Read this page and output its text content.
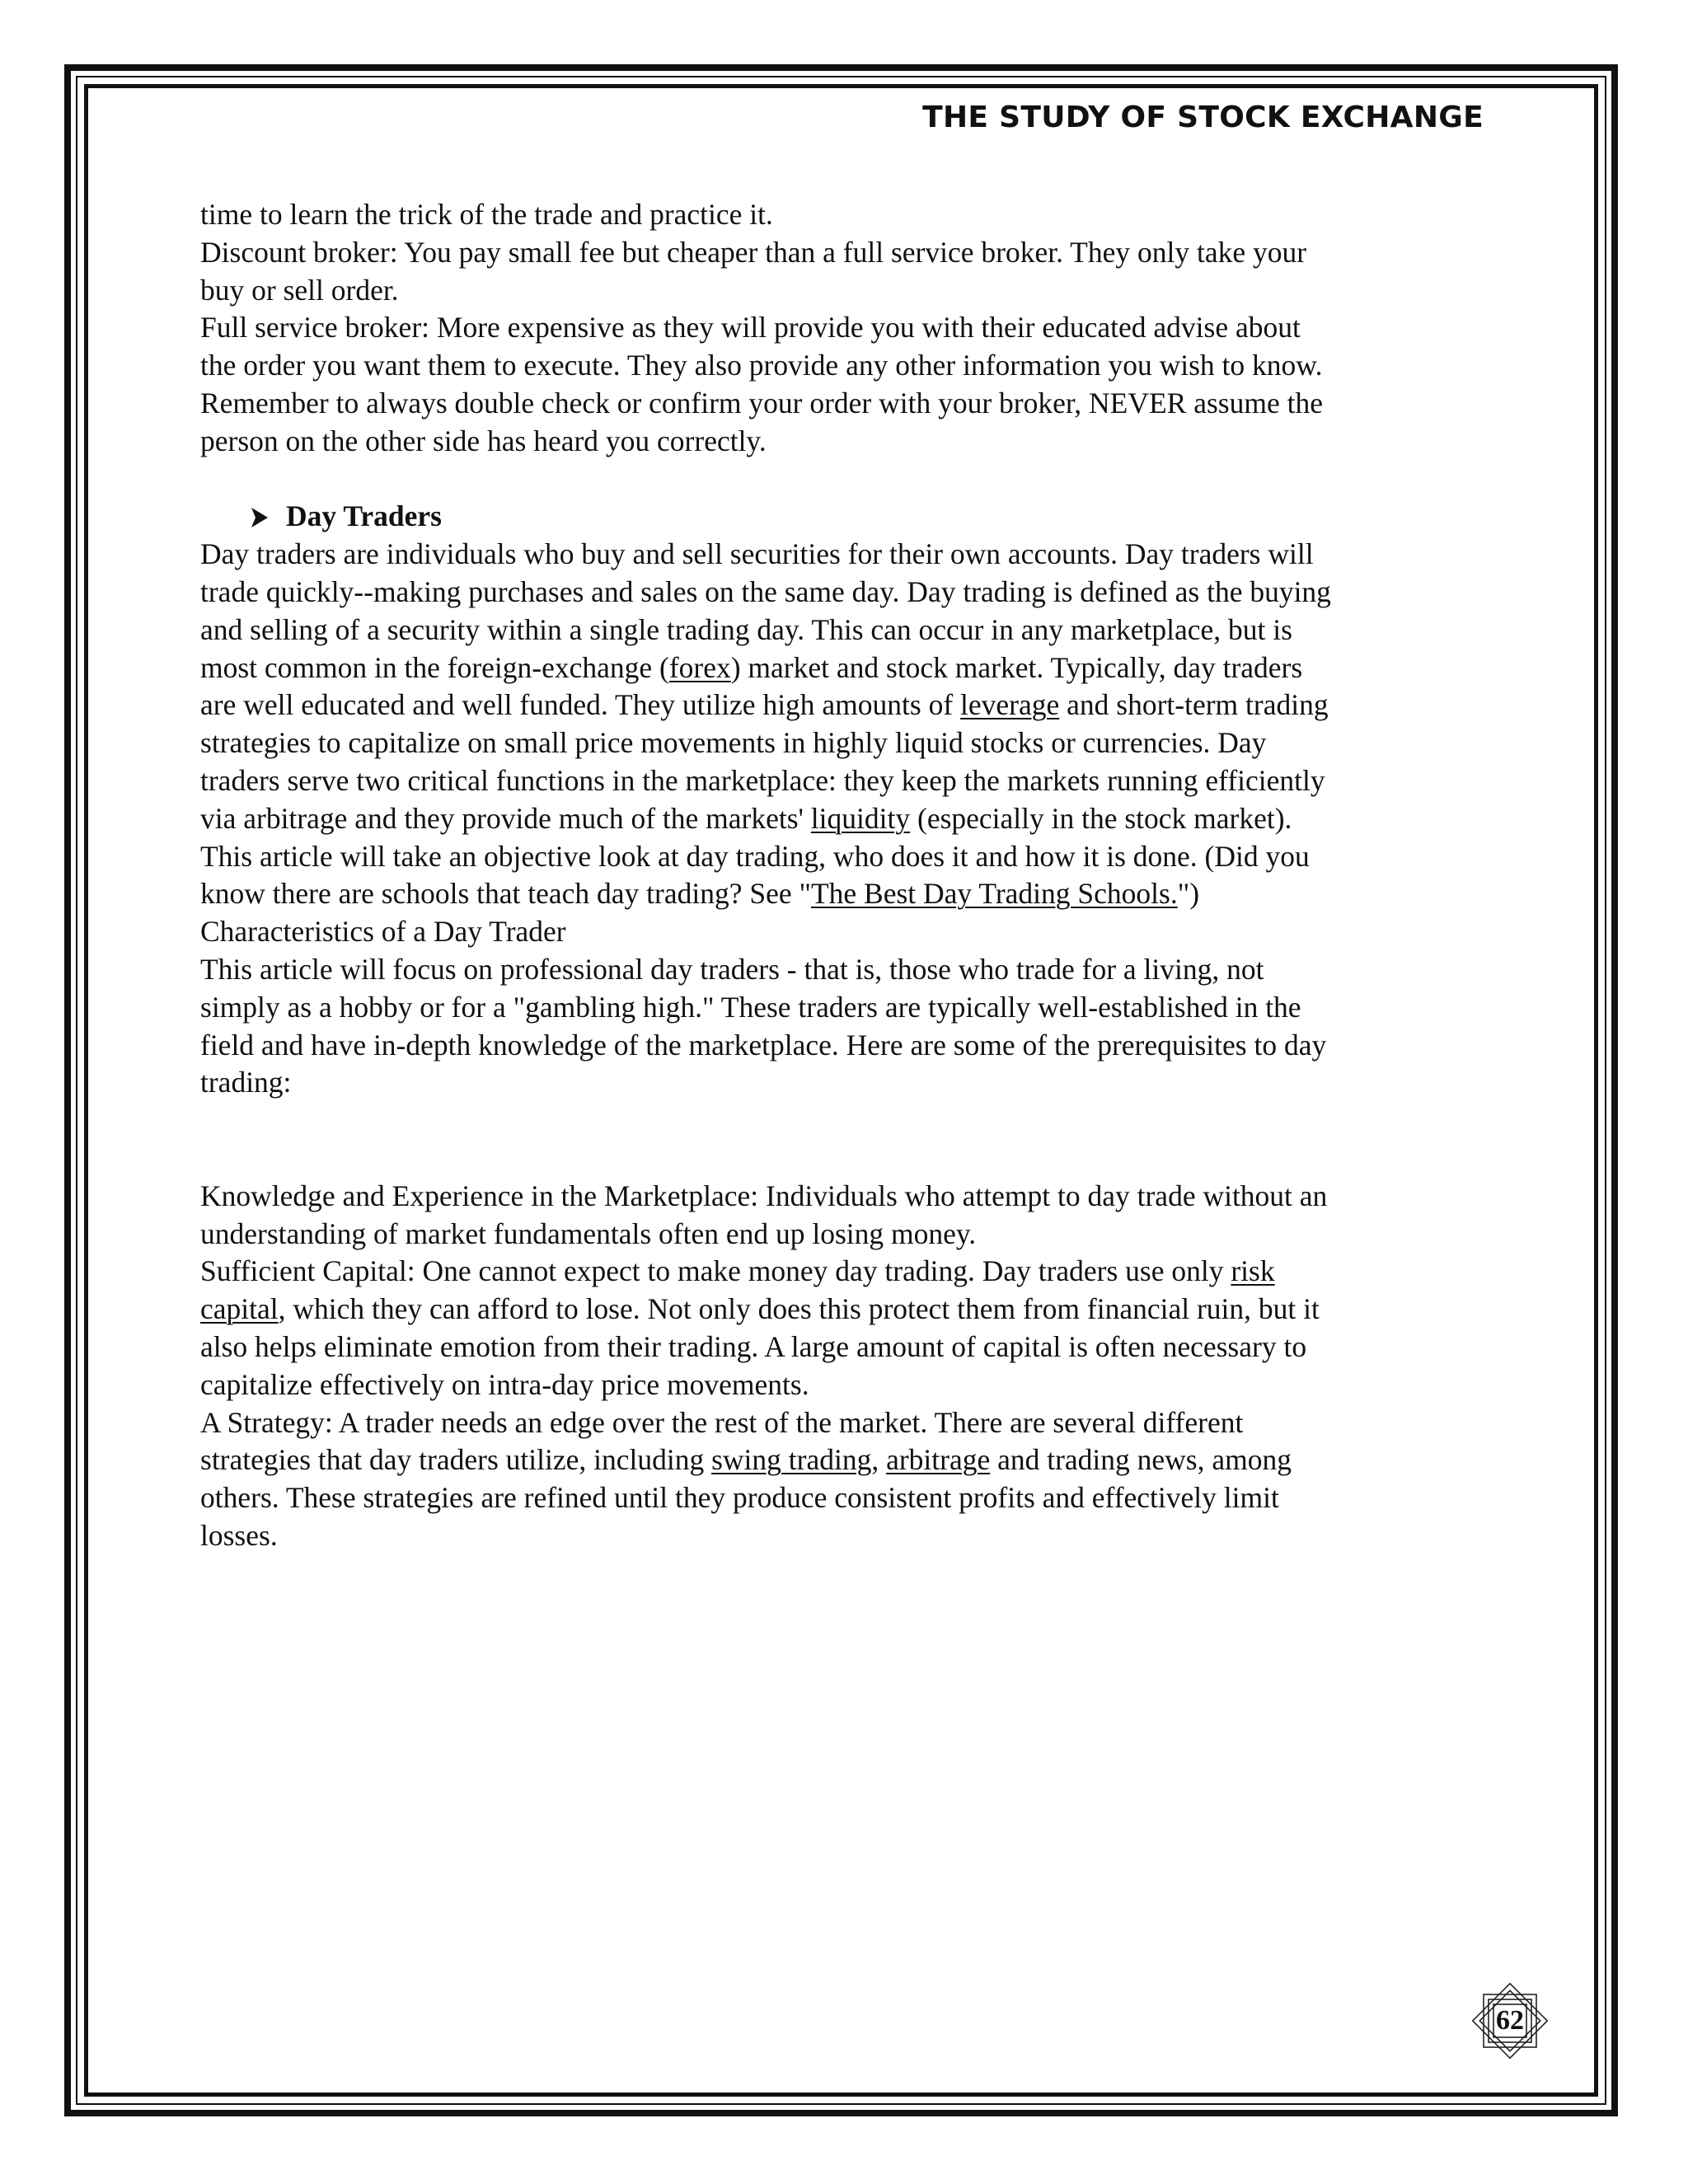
THE STUDY OF STOCK EXCHANGE

time to learn the trick of the trade and practice it.

Discount broker: You pay small fee but cheaper than a full service broker. They only take your

buy or sell order.

Full service broker: More expensive as they will provide you with their educated advise about

the order you want them to execute. They also provide any other information you wish to know.

Remember to always double check or confirm your order with your broker, NEVER assume the

person on the other side has heard you correctly.

Day Traders

Day traders are individuals who buy and sell securities for their own accounts. Day traders will

trade quickly--making purchases and sales on the same day. Day trading is defined as the buying

and selling of a security within a single trading day. This can occur in any marketplace, but is

most common in the foreign-exchange (forex) market and stock market. Typically, day traders

are well educated and well funded. They utilize high amounts of leverage and short-term trading

strategies to capitalize on small price movements in highly liquid stocks or currencies. Day

traders serve two critical functions in the marketplace: they keep the markets running efficiently

via arbitrage and they provide much of the markets' liquidity (especially in the stock market).

This article will take an objective look at day trading, who does it and how it is done. (Did you

know there are schools that teach day trading? See "The Best Day Trading Schools.")

Characteristics of a Day Trader

This article will focus on professional day traders - that is, those who trade for a living, not

simply as a hobby or for a "gambling high." These traders are typically well-established in the

field and have in-depth knowledge of the marketplace. Here are some of the prerequisites to day

trading:

Knowledge and Experience in the Marketplace: Individuals who attempt to day trade without an

understanding of market fundamentals often end up losing money.

Sufficient Capital: One cannot expect to make money day trading. Day traders use only risk

capital, which they can afford to lose. Not only does this protect them from financial ruin, but it

also helps eliminate emotion from their trading. A large amount of capital is often necessary to

capitalize effectively on intra-day price movements.

A Strategy: A trader needs an edge over the rest of the market. There are several different

strategies that day traders utilize, including swing trading, arbitrage and trading news, among

others. These strategies are refined until they produce consistent profits and effectively limit

losses.

62
